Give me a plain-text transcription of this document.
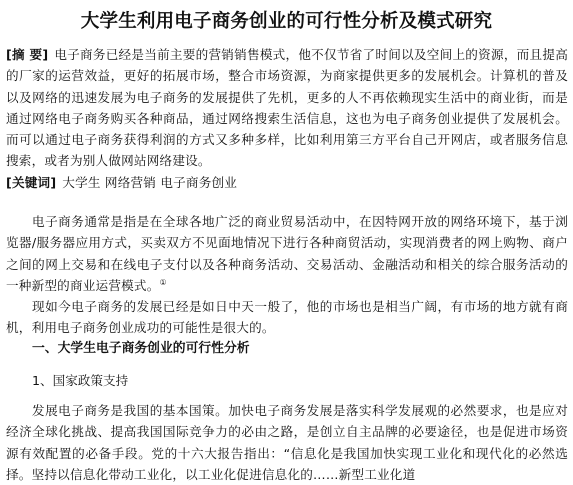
大学生利用电子商务创业的可行性分析及模式研究
[摘 要] 电子商务已经是当前主要的营销销售模式，他不仅节省了时间以及空间上的资源，而且提高的厂家的运营效益，更好的拓展市场，整合市场资源，为商家提供更多的发展机会。计算机的普及以及网络的迅速发展为电子商务的发展提供了先机，更多的人不再依赖现实生活中的商业街，而是通过网络电子商务购买各种商品，通过网络搜索生活信息，这也为电子商务创业提供了发展机会。而可以通过电子商务获得利润的方式又多种多样，比如利用第三方平台自己开网店，或者服务信息搜索，或者为别人做网站网络建设。
[关键词] 大学生 网络营销 电子商务创业
电子商务通常是指是在全球各地广泛的商业贸易活动中，在因特网开放的网络环境下，基于浏览器/服务器应用方式，买卖双方不见面地情况下进行各种商贸活动，实现消费者的网上购物、商户之间的网上交易和在线电子支付以及各种商务活动、交易活动、金融活动和相关的综合服务活动的一种新型的商业运营模式。①
现如今电子商务的发展已经是如日中天一般了，他的市场也是相当广阔，有市场的地方就有商机，利用电子商务创业成功的可能性是很大的。
一、大学生电子商务创业的可行性分析
1、国家政策支持
发展电子商务是我国的基本国策。加快电子商务发展是落实科学发展观的必然要求，也是应对经济全球化挑战、提高我国国际竞争力的必由之路，是创立自主品牌的必要途径，也是促进市场资源有效配置的必备手段。党的十六大报告指出：“信息化是我国加快实现工业化和现代化的必然选择。坚持以信息化带动工业化，以工业化促进信息化的……新型工业化道
